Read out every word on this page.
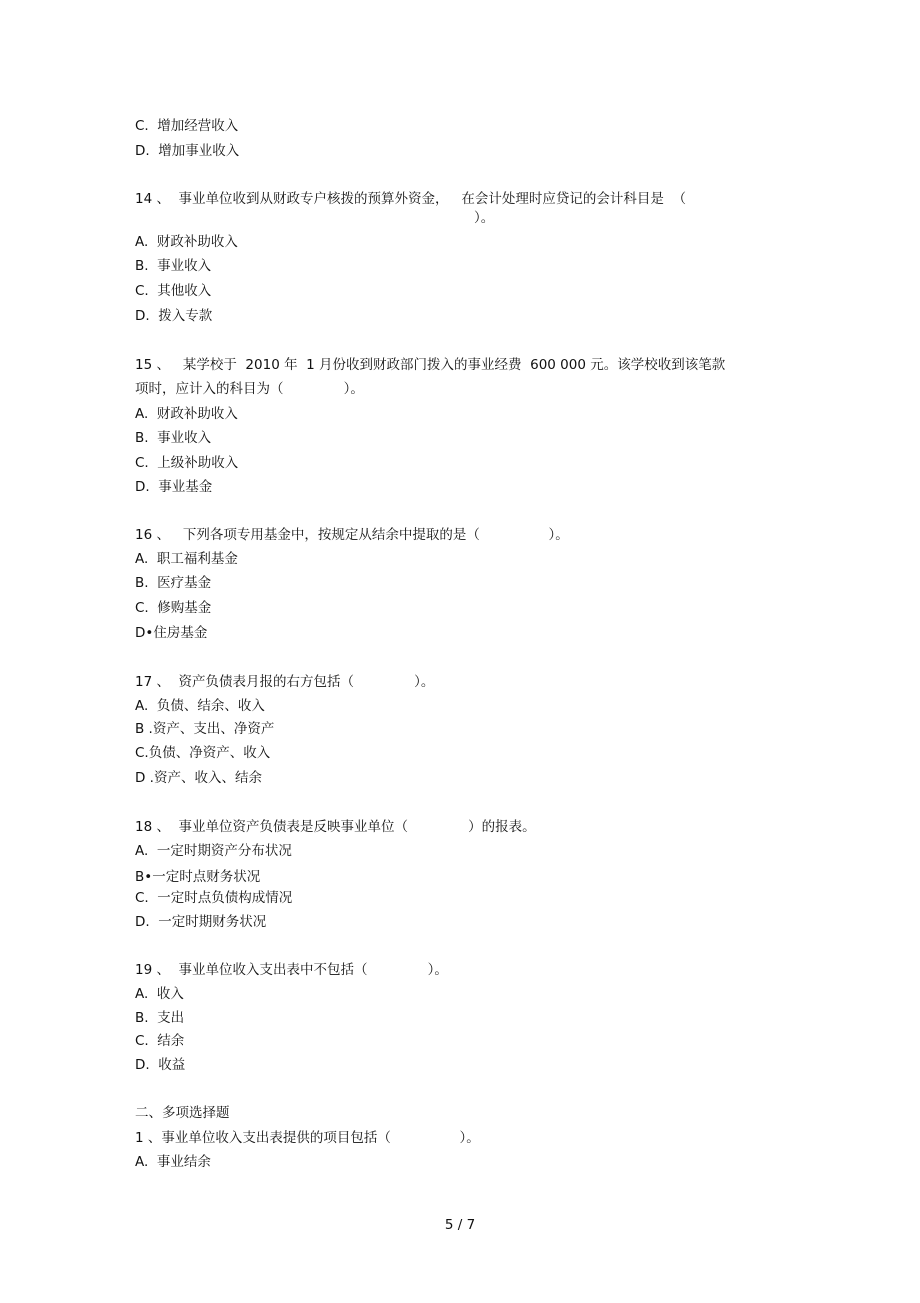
C.  增加经营收入
D.  增加事业收入
14 、  事业单位收到从财政专户核拨的预算外资金，   在会计处理时应贷记的会计科目是  （
）。
A.  财政补助收入
B.  事业收入
C.  其他收入
D.  拨入专款
15 、   某学校于  2010 年  1 月份收到财政部门拨入的事业经费  600 000 元。该学校收到该笔款
项时，应计入的科目为（              ）。
A.  财政补助收入
B.  事业收入
C.  上级补助收入
D.  事业基金
16 、   下列各项专用基金中，按规定从结余中提取的是（                ）。
A.  职工福利基金
B.  医疗基金
C.  修购基金
D•住房基金
17 、  资产负债表月报的右方包括（              ）。
A.  负债、结余、收入
B .资产、支出、净资产
C.负债、净资产、收入
D .资产、收入、结余
18 、  事业单位资产负债表是反映事业单位（              ）的报表。
A.  一定时期资产分布状况
B•一定时点财务状况
C.  一定时点负债构成情况
D.  一定时期财务状况
19 、  事业单位收入支出表中不包括（              ）。
A.  收入
B.  支出
C.  结余
D.  收益
二、多项选择题
1 、事业单位收入支出表提供的项目包括（                ）。
A.  事业结余
5 / 7
